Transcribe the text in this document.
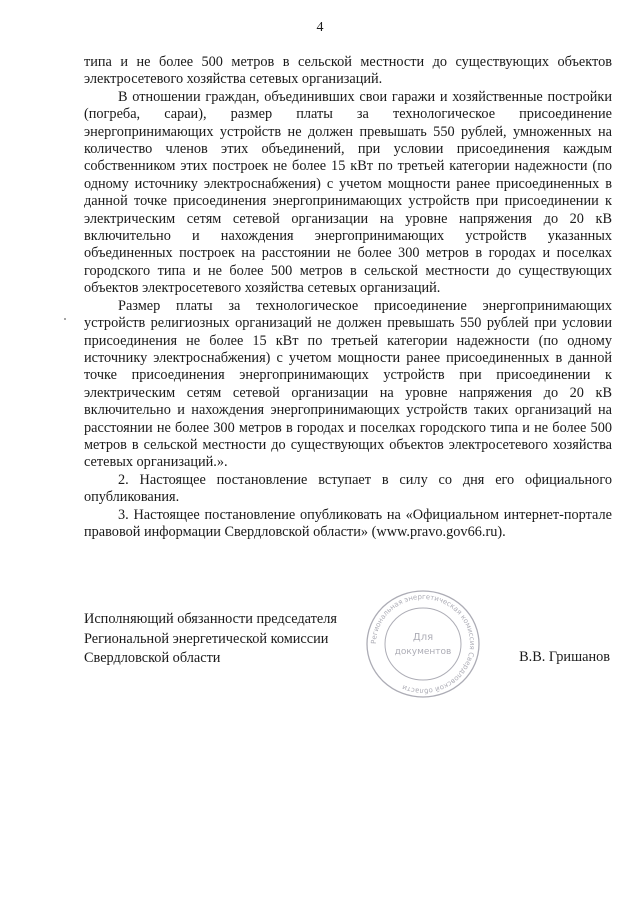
4

типа и не более 500 метров в сельской местности до существующих объектов электросетевого хозяйства сетевых организаций.

В отношении граждан, объединивших свои гаражи и хозяйственные постройки (погреба, сараи), размер платы за технологическое присоединение энергопринимающих устройств не должен превышать 550 рублей, умноженных на количество членов этих объединений, при условии присоединения каждым собственником этих построек не более 15 кВт по третьей категории надежности (по одному источнику электроснабжения) с учетом мощности ранее присоединенных в данной точке присоединения энергопринимающих устройств при присоединении к электрическим сетям сетевой организации на уровне напряжения до 20 кВ включительно и нахождения энергопринимающих устройств указанных объединенных построек на расстоянии не более 300 метров в городах и поселках городского типа и не более 500 метров в сельской местности до существующих объектов электросетевого хозяйства сетевых организаций.

Размер платы за технологическое присоединение энергопринимающих устройств религиозных организаций не должен превышать 550 рублей при условии присоединения не более 15 кВт по третьей категории надежности (по одному источнику электроснабжения) с учетом мощности ранее присоединенных в данной точке присоединения энергопринимающих устройств при присоединении к электрическим сетям сетевой организации на уровне напряжения до 20 кВ включительно и нахождения энергопринимающих устройств таких организаций на расстоянии не более 300 метров в городах и поселках городского типа и не более 500 метров в сельской местности до существующих объектов электросетевого хозяйства сетевых организаций.».

2. Настоящее постановление вступает в силу со дня его официального опубликования.

3. Настоящее постановление опубликовать на «Официальном интернет-портале правовой информации Свердловской области» (www.pravo.gov66.ru).

Исполняющий обязанности председателя
Региональной энергетической комиссии
Свердловской области
Региональная энергетическая комиссия Свердловской области
Для
документов	В.В. Гришанов
